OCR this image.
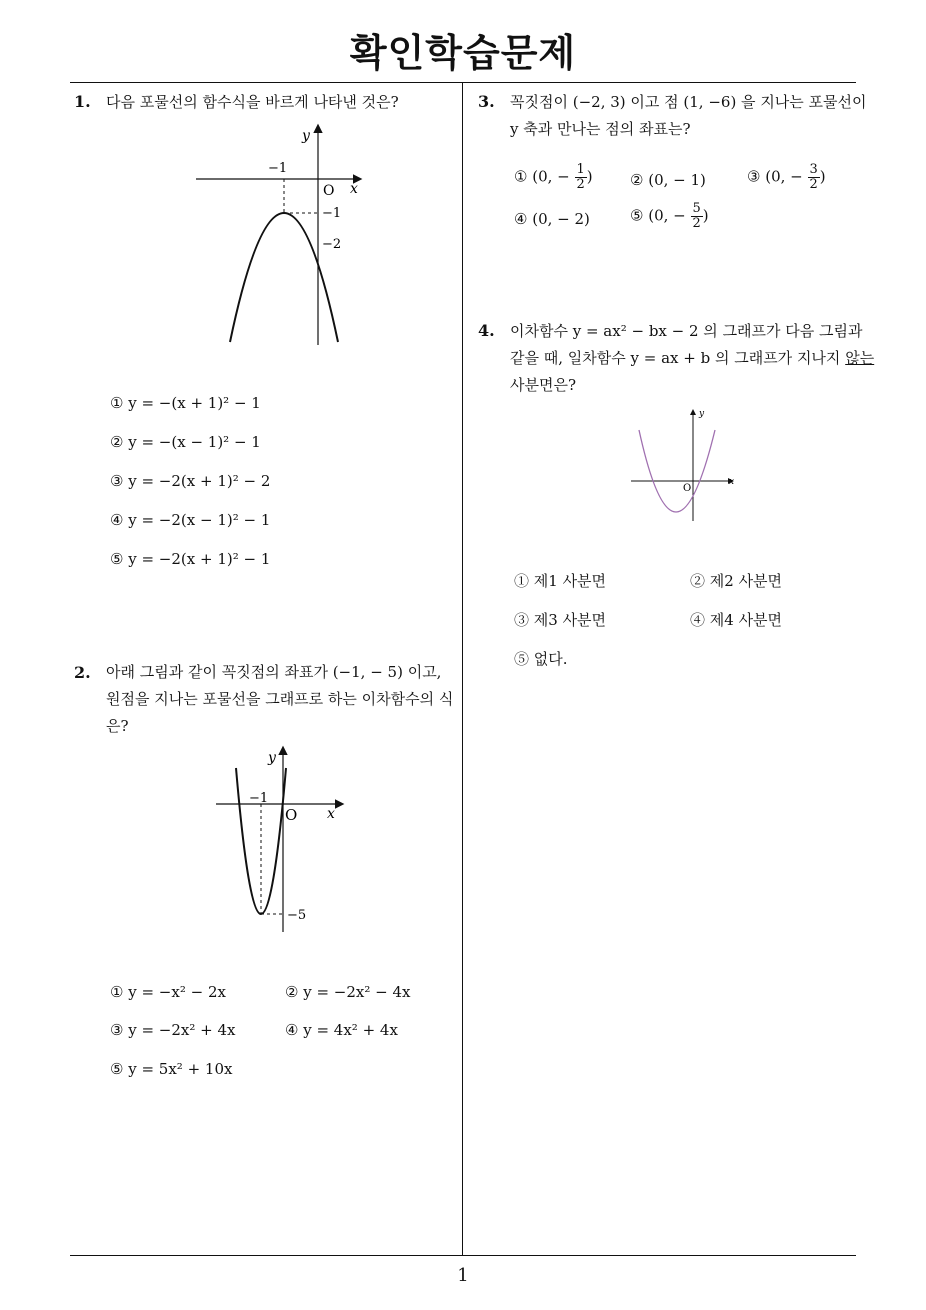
확인학습문제
1
1. 다음 포물선의 함수식을 바르게 나타낸 것은?
y
x
O
−1
−1
−2
① y = −(x + 1)² − 1
② y = −(x − 1)² − 1
③ y = −2(x + 1)² − 2
④ y = −2(x − 1)² − 1
⑤ y = −2(x + 1)² − 1
2. 아래 그림과 같이 꼭짓점의 좌표가 (−1, − 5) 이고,
원점을 지나는 포물선을 그래프로 하는 이차함수의 식
은?
y
x
O
−1
−5
① y = −x² − 2x	② y = −2x² − 4x
③ y = −2x² + 4x	④ y = 4x² + 4x
⑤ y = 5x² + 10x
3. 꼭짓점이 (−2, 3) 이고 점 (1, −6) 을 지나는 포물선이
y 축과 만나는 점의 좌표는?
① (0, − $\frac{1}{2}$ ) ② (0, − 1)	③ (0, − $\frac{3}{2}$ )
④ (0, − 2)	⑤ (0, − $\frac{5}{2}$ )
4. 이차함수 y = ax² − bx − 2 의 그래프가 다음 그림과
같을 때, 일차함수 y = ax + b 의 그래프가 지나지 않는
사분면은?
y
x
O
① 제1 사분면	② 제2 사분면
③ 제3 사분면	④ 제4 사분면
⑤ 없다.
